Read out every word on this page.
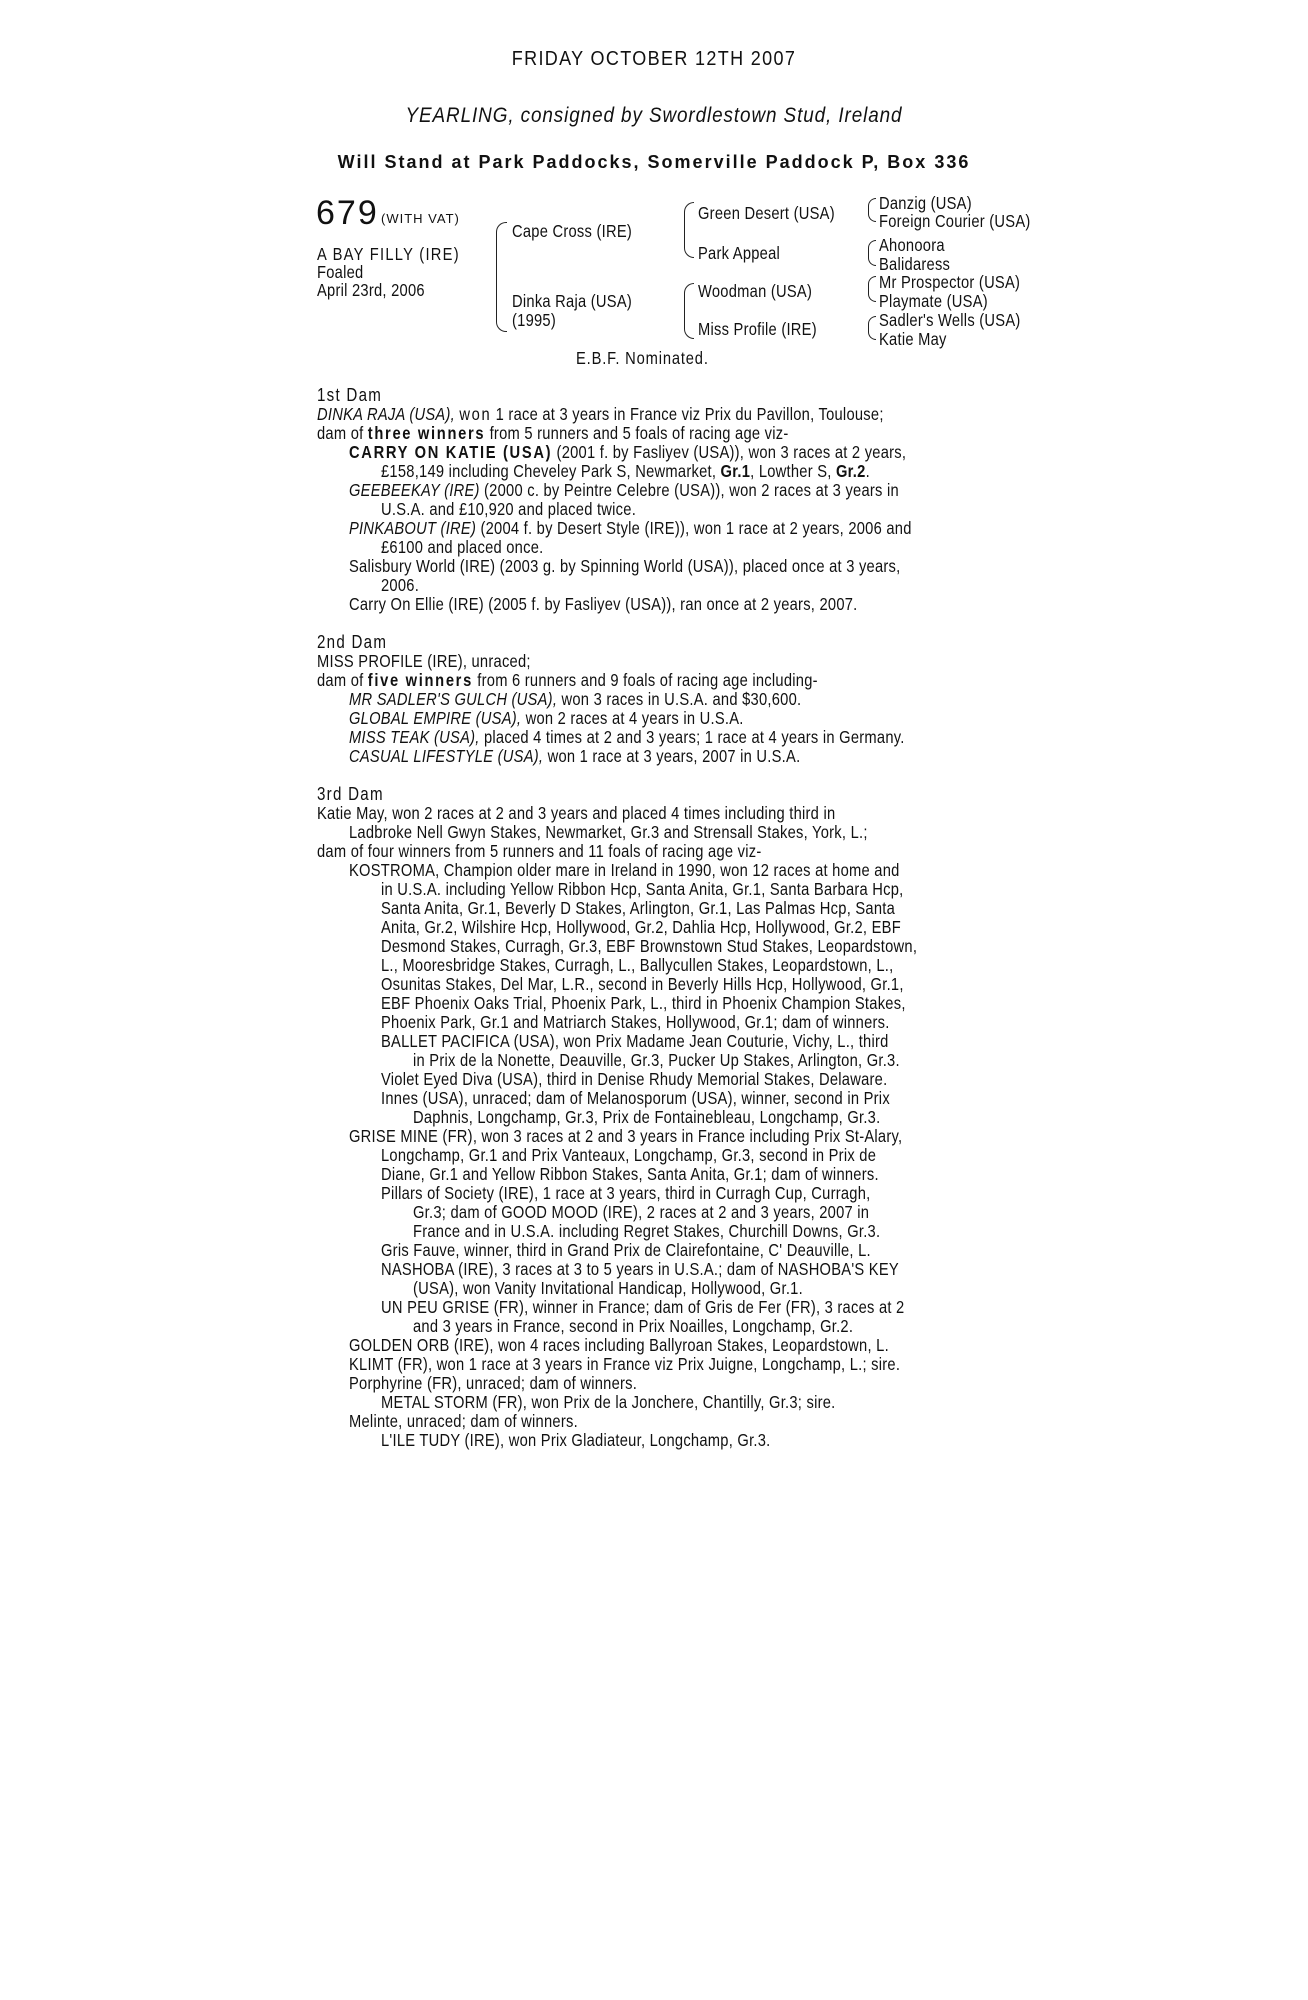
FRIDAY OCTOBER 12TH 2007
YEARLING, consigned by Swordlestown Stud, Ireland
Will Stand at Park Paddocks, Somerville Paddock P, Box 336
679 (WITH VAT)
A BAY FILLY (IRE)
Foaled
April 23rd, 2006
Cape Cross (IRE)
Dinka Raja (USA)
(1995)
Green Desert (USA)
Park Appeal
Woodman (USA)
Miss Profile (IRE)
Danzig (USA)
Foreign Courier (USA)
Ahonoora
Balidaress
Mr Prospector (USA)
Playmate (USA)
Sadler's Wells (USA)
Katie May
E.B.F. Nominated.
1st Dam
DINKA RAJA (USA), won 1 race at 3 years in France viz Prix du Pavillon, Toulouse;
dam of three winners from 5 runners and 5 foals of racing age viz-
CARRY ON KATIE (USA) (2001 f. by Fasliyev (USA)), won 3 races at 2 years,
£158,149 including Cheveley Park S, Newmarket, Gr.1, Lowther S, Gr.2.
GEEBEEKAY (IRE) (2000 c. by Peintre Celebre (USA)), won 2 races at 3 years in
U.S.A. and £10,920 and placed twice.
PINKABOUT (IRE) (2004 f. by Desert Style (IRE)), won 1 race at 2 years, 2006 and
£6100 and placed once.
Salisbury World (IRE) (2003 g. by Spinning World (USA)), placed once at 3 years,
2006.
Carry On Ellie (IRE) (2005 f. by Fasliyev (USA)), ran once at 2 years, 2007.
2nd Dam
MISS PROFILE (IRE), unraced;
dam of five winners from 6 runners and 9 foals of racing age including-
MR SADLER'S GULCH (USA), won 3 races in U.S.A. and $30,600.
GLOBAL EMPIRE (USA), won 2 races at 4 years in U.S.A.
MISS TEAK (USA), placed 4 times at 2 and 3 years; 1 race at 4 years in Germany.
CASUAL LIFESTYLE (USA), won 1 race at 3 years, 2007 in U.S.A.
3rd Dam
Katie May, won 2 races at 2 and 3 years and placed 4 times including third in
Ladbroke Nell Gwyn Stakes, Newmarket, Gr.3 and Strensall Stakes, York, L.;
dam of four winners from 5 runners and 11 foals of racing age viz-
KOSTROMA, Champion older mare in Ireland in 1990, won 12 races at home and
in U.S.A. including Yellow Ribbon Hcp, Santa Anita, Gr.1, Santa Barbara Hcp,
Santa Anita, Gr.1, Beverly D Stakes, Arlington, Gr.1, Las Palmas Hcp, Santa
Anita, Gr.2, Wilshire Hcp, Hollywood, Gr.2, Dahlia Hcp, Hollywood, Gr.2, EBF
Desmond Stakes, Curragh, Gr.3, EBF Brownstown Stud Stakes, Leopardstown,
L., Mooresbridge Stakes, Curragh, L., Ballycullen Stakes, Leopardstown, L.,
Osunitas Stakes, Del Mar, L.R., second in Beverly Hills Hcp, Hollywood, Gr.1,
EBF Phoenix Oaks Trial, Phoenix Park, L., third in Phoenix Champion Stakes,
Phoenix Park, Gr.1 and Matriarch Stakes, Hollywood, Gr.1; dam of winners.
BALLET PACIFICA (USA), won Prix Madame Jean Couturie, Vichy, L., third
in Prix de la Nonette, Deauville, Gr.3, Pucker Up Stakes, Arlington, Gr.3.
Violet Eyed Diva (USA), third in Denise Rhudy Memorial Stakes, Delaware.
Innes (USA), unraced; dam of Melanosporum (USA), winner, second in Prix
Daphnis, Longchamp, Gr.3, Prix de Fontainebleau, Longchamp, Gr.3.
GRISE MINE (FR), won 3 races at 2 and 3 years in France including Prix St-Alary,
Longchamp, Gr.1 and Prix Vanteaux, Longchamp, Gr.3, second in Prix de
Diane, Gr.1 and Yellow Ribbon Stakes, Santa Anita, Gr.1; dam of winners.
Pillars of Society (IRE), 1 race at 3 years, third in Curragh Cup, Curragh,
Gr.3; dam of GOOD MOOD (IRE), 2 races at 2 and 3 years, 2007 in
France and in U.S.A. including Regret Stakes, Churchill Downs, Gr.3.
Gris Fauve, winner, third in Grand Prix de Clairefontaine, C' Deauville, L.
NASHOBA (IRE), 3 races at 3 to 5 years in U.S.A.; dam of NASHOBA'S KEY
(USA), won Vanity Invitational Handicap, Hollywood, Gr.1.
UN PEU GRISE (FR), winner in France; dam of Gris de Fer (FR), 3 races at 2
and 3 years in France, second in Prix Noailles, Longchamp, Gr.2.
GOLDEN ORB (IRE), won 4 races including Ballyroan Stakes, Leopardstown, L.
KLIMT (FR), won 1 race at 3 years in France viz Prix Juigne, Longchamp, L.; sire.
Porphyrine (FR), unraced; dam of winners.
METAL STORM (FR), won Prix de la Jonchere, Chantilly, Gr.3; sire.
Melinte, unraced; dam of winners.
L'ILE TUDY (IRE), won Prix Gladiateur, Longchamp, Gr.3.
